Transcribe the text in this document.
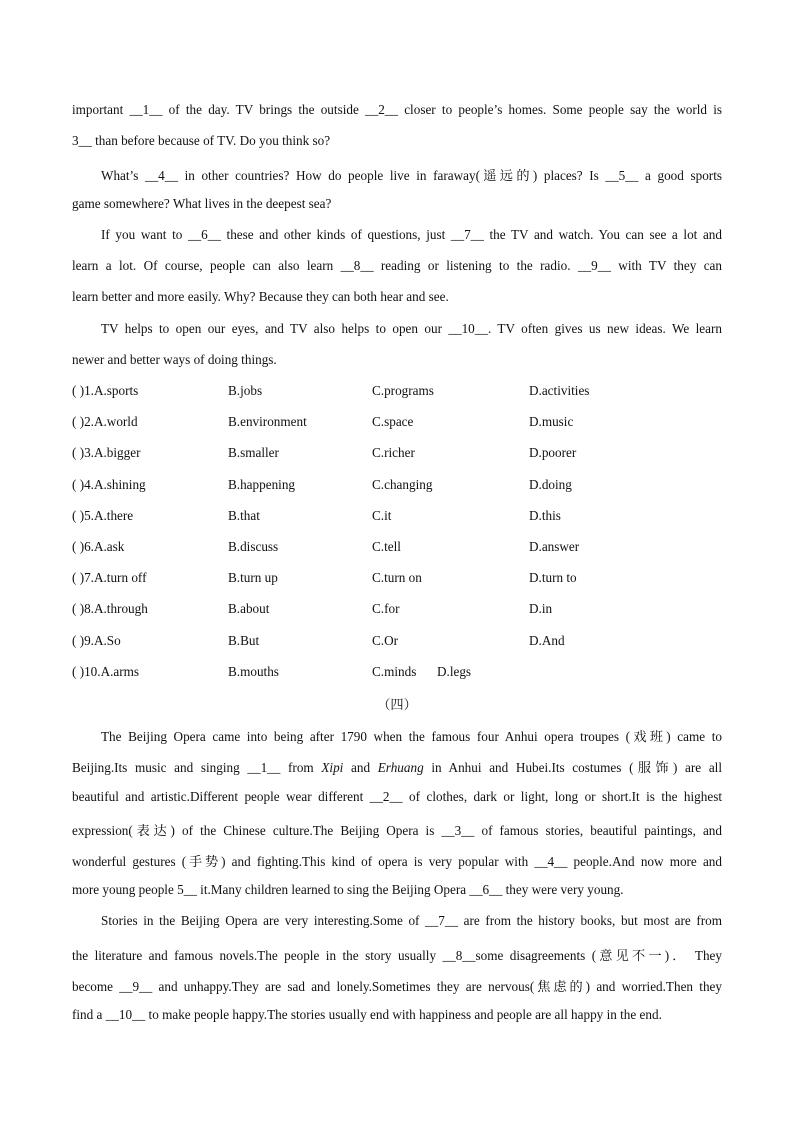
important __1__ of the day. TV brings the outside __2__ closer to people’s homes. Some people say the world is
3__ than before because of TV. Do you think so?
What’s __4__ in other countries? How do people live in faraway(遥远的) places? Is __5__ a good sports
game somewhere? What lives in the deepest sea?
If you want to __6__ these and other kinds of questions, just __7__ the TV and watch. You can see a lot and
learn a lot. Of course, people can also learn __8__ reading or listening to the radio. __9__ with TV they can
learn better and more easily. Why? Because they can both hear and see.
TV helps to open our eyes, and TV also helps to open our __10__. TV often gives us new ideas. We learn
newer and better ways of doing things.
( )1.A.sports	B.jobs	C.programs	D.activities
( )2.A.world	B.environment	C.space	D.music
( )3.A.bigger	B.smaller	C.richer	D.poorer
( )4.A.shining	B.happening	C.changing	D.doing
( )5.A.there	B.that	C.it	D.this
( )6.A.ask	B.discuss	C.tell	D.answer
( )7.A.turn off	B.turn up	C.turn on	D.turn to
( )8.A.through	B.about	C.for	D.in
( )9.A.So	B.But	C.Or	D.And
( )10.A.arms	B.mouths	C.minds D.legs
（四）
The Beijing Opera came into being after 1790 when the famous four Anhui opera troupes (戏班) came to
Beijing.Its music and singing __1__ from Xipi and Erhuang in Anhui and Hubei.Its costumes (服饰) are all
beautiful and artistic.Different people wear different __2__ of clothes, dark or light, long or short.It is the highest
expression(表达) of the Chinese culture.The Beijing Opera is __3__ of famous stories, beautiful paintings, and
wonderful gestures (手势) and fighting.This kind of opera is very popular with __4__ people.And now more and
more young people 5__ it.Many children learned to sing the Beijing Opera __6__ they were very young.
Stories in the Beijing Opera are very interesting.Some of __7__ are from the history books, but most are from
the literature and famous novels.The people in the story usually __8__some disagreements (意见不一)． They
become __9__ and unhappy.They are sad and lonely.Sometimes they are nervous(焦虑的) and worried.Then they
find a __10__ to make people happy.The stories usually end with happiness and people are all happy in the end.
